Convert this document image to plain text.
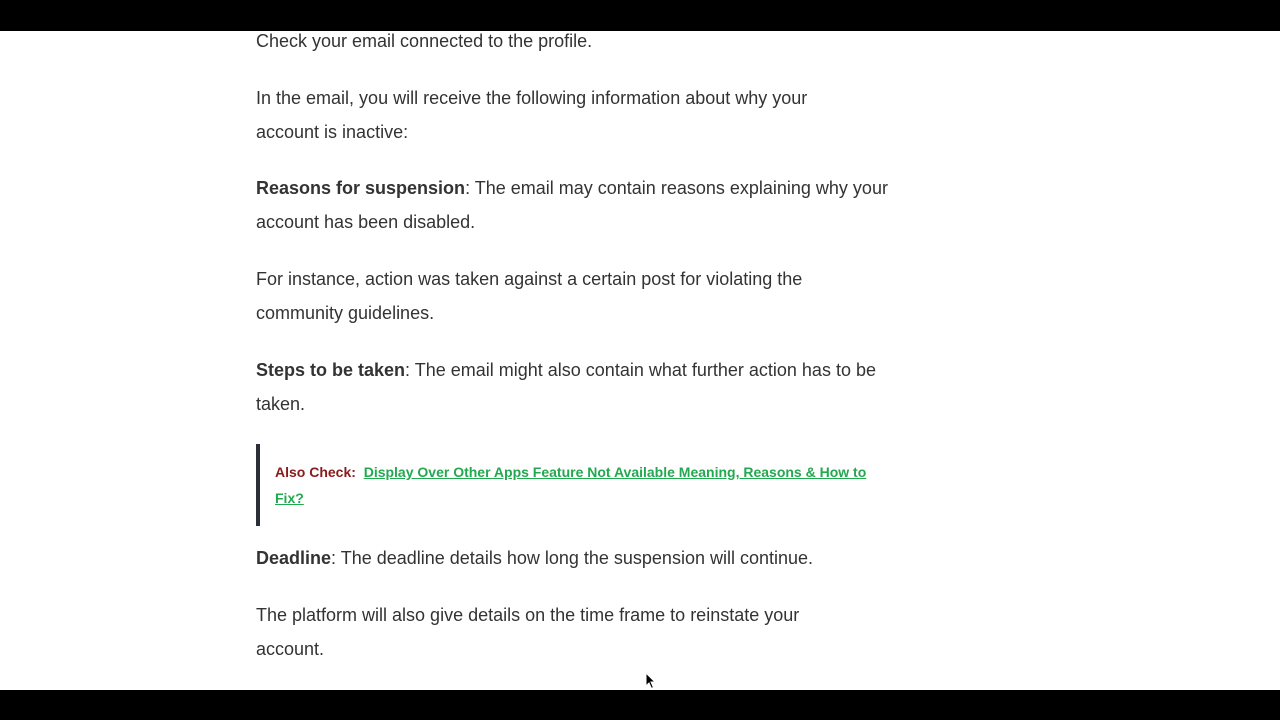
Check your email connected to the profile.

In the email, you will receive the following information about why your account is inactive:

Reasons for suspension: The email may contain reasons explaining why your account has been disabled.

For instance, action was taken against a certain post for violating the community guidelines.

Steps to be taken: The email might also contain what further action has to be taken.

Also Check: Display Over Other Apps Feature Not Available Meaning, Reasons & How to Fix?

Deadline: The deadline details how long the suspension will continue.

The platform will also give details on the time frame to reinstate your account.
